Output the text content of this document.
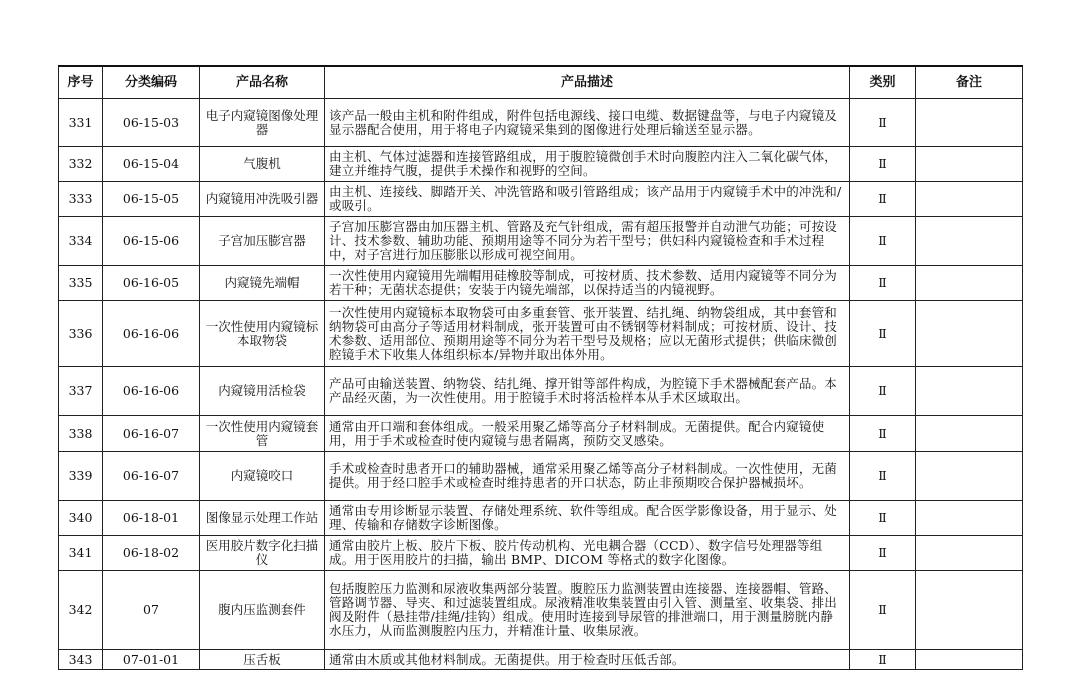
序号	分类编码	产品名称	产品描述	类别	备注
331	06-15-03	电子内窥镜图像处理器	该产品一般由主机和附件组成，附件包括电源线、接口电缆、数据键盘等，与电子内窥镜及显示器配合使用，用于将电子内窥镜采集到的图像进行处理后输送至显示器。	Ⅱ	
332	06-15-04	气腹机	由主机、气体过滤器和连接管路组成，用于腹腔镜微创手术时向腹腔内注入二氧化碳气体，建立并维持气腹，提供手术操作和视野的空间。	Ⅱ	
333	06-15-05	内窥镜用冲洗吸引器	由主机、连接线、脚踏开关、冲洗管路和吸引管路组成；该产品用于内窥镜手术中的冲洗和/或吸引。	Ⅱ	
334	06-15-06	子宫加压膨宫器	子宫加压膨宫器由加压器主机、管路及充气针组成，需有超压报警并自动泄气功能；可按设计、技术参数、辅助功能、预期用途等不同分为若干型号；供妇科内窥镜检查和手术过程中，对子宫进行加压膨胀以形成可视空间用。	Ⅱ	
335	06-16-05	内窥镜先端帽	一次性使用内窥镜用先端帽用硅橡胶等制成，可按材质、技术参数、适用内窥镜等不同分为若干种；无菌状态提供；安装于内镜先端部，以保持适当的内镜视野。	Ⅱ	
336	06-16-06	一次性使用内窥镜标本取物袋	一次性使用内窥镜标本取物袋可由多重套管、张开装置、结扎绳、纳物袋组成，其中套管和纳物袋可由高分子等适用材料制成，张开装置可由不锈钢等材料制成；可按材质、设计、技术参数、适用部位、预期用途等不同分为若干型号及规格；应以无菌形式提供；供临床微创腔镜手术下收集人体组织标本/异物并取出体外用。	Ⅱ	
337	06-16-06	内窥镜用活检袋	产品可由输送装置、纳物袋、结扎绳、撑开钳等部件构成，为腔镜下手术器械配套产品。本产品经灭菌，为一次性使用。用于腔镜手术时将活检样本从手术区域取出。	Ⅱ	
338	06-16-07	一次性使用内窥镜套管	通常由开口端和套体组成。一般采用聚乙烯等高分子材料制成。无菌提供。配合内窥镜使用，用于手术或检查时使内窥镜与患者隔离，预防交叉感染。	Ⅱ	
339	06-16-07	内窥镜咬口	手术或检查时患者开口的辅助器械，通常采用聚乙烯等高分子材料制成。一次性使用，无菌提供。用于经口腔手术或检查时维持患者的开口状态，防止非预期咬合保护器械损坏。	Ⅱ	
340	06-18-01	图像显示处理工作站	通常由专用诊断显示装置、存储处理系统、软件等组成。配合医学影像设备，用于显示、处理、传输和存储数字诊断图像。	Ⅱ	
341	06-18-02	医用胶片数字化扫描仪	通常由胶片上板、胶片下板、胶片传动机构、光电耦合器（CCD）、数字信号处理器等组成。用于医用胶片的扫描，输出 BMP、DICOM 等格式的数字化图像。	Ⅱ	
342	07	腹内压监测套件	包括腹腔压力监测和尿液收集两部分装置。腹腔压力监测装置由连接器、连接器帽、管路、管路调节器、导夹、和过滤装置组成。尿液精准收集装置由引入管、测量室、收集袋、排出阀及附件（悬挂带/挂绳/挂钩）组成。使用时连接到导尿管的排泄端口，用于测量膀胱内静水压力，从而监测腹腔内压力，并精准计量、收集尿液。	Ⅱ	
343	07-01-01	压舌板	通常由木质或其他材料制成。无菌提供。用于检查时压低舌部。	Ⅱ	
